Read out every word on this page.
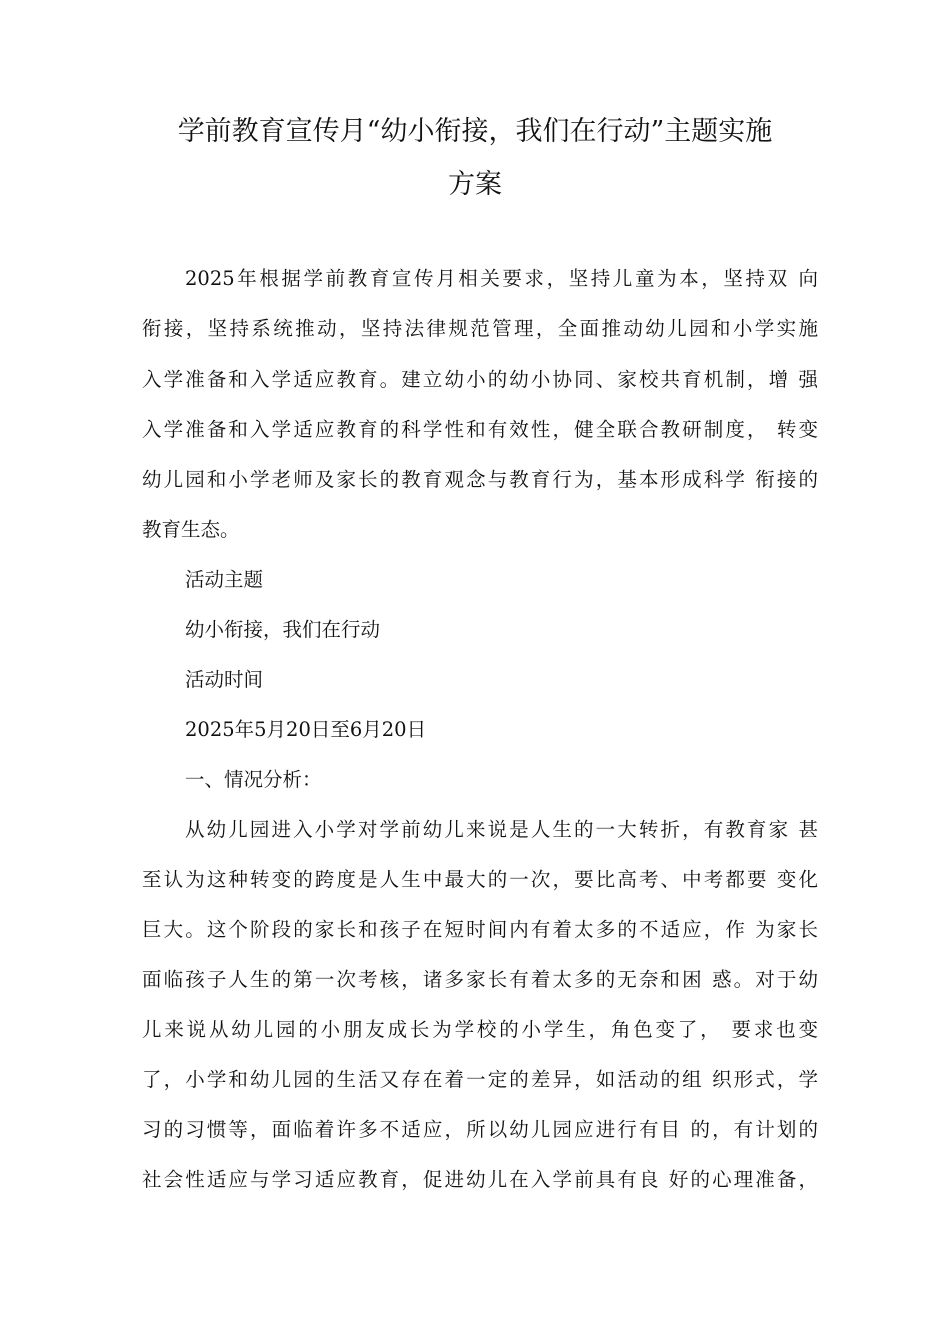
学前教育宣传月“幼小衔接，我们在行动”主题实施
方案
2025年根据学前教育宣传月相关要求，坚持儿童为本，坚持双 向
衔接，坚持系统推动，坚持法律规范管理，全面推动幼儿园和小学实施
入学准备和入学适应教育。建立幼小的幼小协同、家校共育机制，增 强
入学准备和入学适应教育的科学性和有效性，健全联合教研制度， 转变
幼儿园和小学老师及家长的教育观念与教育行为，基本形成科学 衔接的
教育生态。
活动主题
幼小衔接，我们在行动
活动时间
2025年5月20日至6月20日
一、情况分析：
从幼儿园进入小学对学前幼儿来说是人生的一大转折，有教育家 甚
至认为这种转变的跨度是人生中最大的一次，要比高考、中考都要 变化
巨大。这个阶段的家长和孩子在短时间内有着太多的不适应，作 为家长
面临孩子人生的第一次考核，诸多家长有着太多的无奈和困 惑。对于幼
儿来说从幼儿园的小朋友成长为学校的小学生，角色变了， 要求也变
了，小学和幼儿园的生活又存在着一定的差异，如活动的组 织形式，学
习的习惯等，面临着许多不适应，所以幼儿园应进行有目 的，有计划的
社会性适应与学习适应教育，促进幼儿在入学前具有良 好的心理准备，
